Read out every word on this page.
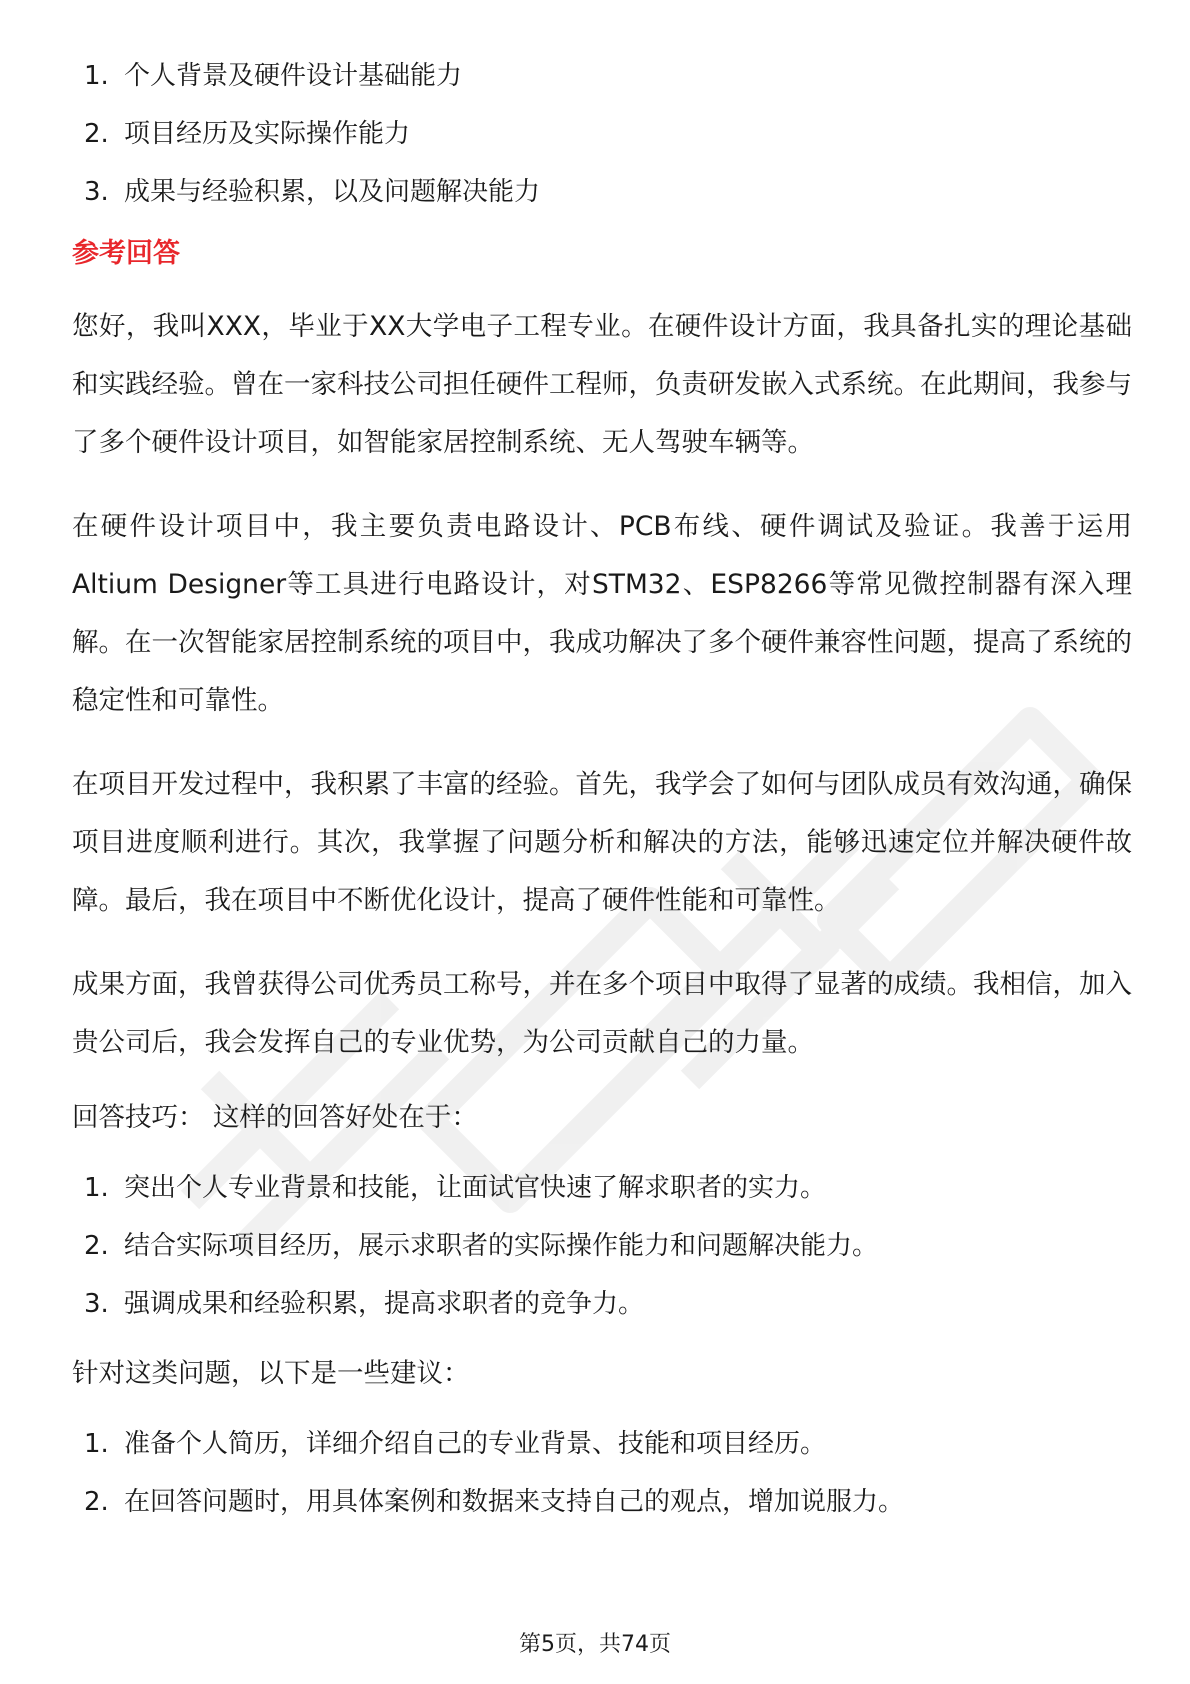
1. 个人背景及硬件设计基础能力
2. 项目经历及实际操作能力
3. 成果与经验积累，以及问题解决能力
参考回答

您好，我叫XXX，毕业于XX大学电子工程专业。在硬件设计方面，我具备扎实的理论基础和实践经验。曾在一家科技公司担任硬件工程师，负责研发嵌入式系统。在此期间，我参与了多个硬件设计项目，如智能家居控制系统、无人驾驶车辆等。

在硬件设计项目中，我主要负责电路设计、PCB布线、硬件调试及验证。我善于运用Altium Designer等工具进行电路设计，对STM32、ESP8266等常见微控制器有深入理解。在一次智能家居控制系统的项目中，我成功解决了多个硬件兼容性问题，提高了系统的稳定性和可靠性。

在项目开发过程中，我积累了丰富的经验。首先，我学会了如何与团队成员有效沟通，确保项目进度顺利进行。其次，我掌握了问题分析和解决的方法，能够迅速定位并解决硬件故障。最后，我在项目中不断优化设计，提高了硬件性能和可靠性。

成果方面，我曾获得公司优秀员工称号，并在多个项目中取得了显著的成绩。我相信，加入贵公司后，我会发挥自己的专业优势，为公司贡献自己的力量。

回答技巧： 这样的回答好处在于：

1. 突出个人专业背景和技能，让面试官快速了解求职者的实力。
2. 结合实际项目经历，展示求职者的实际操作能力和问题解决能力。
3. 强调成果和经验积累，提高求职者的竞争力。

针对这类问题，以下是一些建议：

1. 准备个人简历，详细介绍自己的专业背景、技能和项目经历。
2. 在回答问题时，用具体案例和数据来支持自己的观点，增加说服力。
第5页，共74页
